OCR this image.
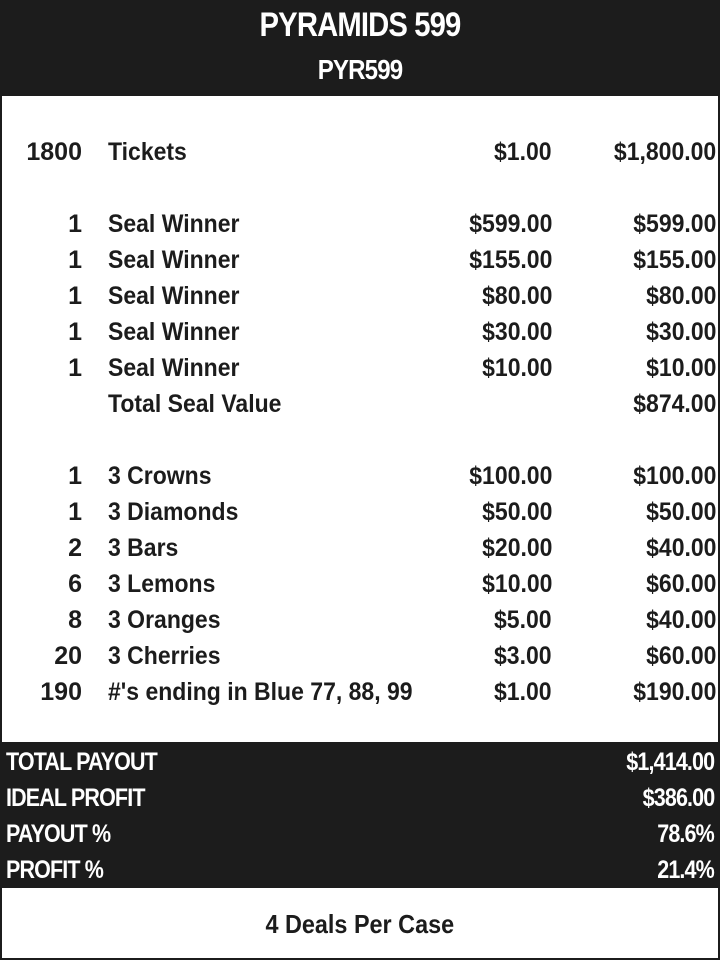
PYRAMIDS 599
PYR599
1800 Tickets	$1.00 $1,800.00
1 Seal Winner	$599.00	$599.00
1 Seal Winner	$155.00	$155.00
1 Seal Winner	$80.00	$80.00
1 Seal Winner	$30.00	$30.00
1 Seal Winner	$10.00	$10.00
Total Seal Value	$874.00
1 3 Crowns	$100.00	$100.00
1 3 Diamonds	$50.00	$50.00
2 3 Bars	$20.00	$40.00
6 3 Lemons	$10.00	$60.00
8 3 Oranges	$5.00	$40.00
20 3 Cherries	$3.00	$60.00
190 #'s ending in Blue 77, 88, 99	$1.00	$190.00
TOTAL PAYOUT	$1,414.00
IDEAL PROFIT	$386.00
PAYOUT %	78.6%
PROFIT %	21.4%
4 Deals Per Case
